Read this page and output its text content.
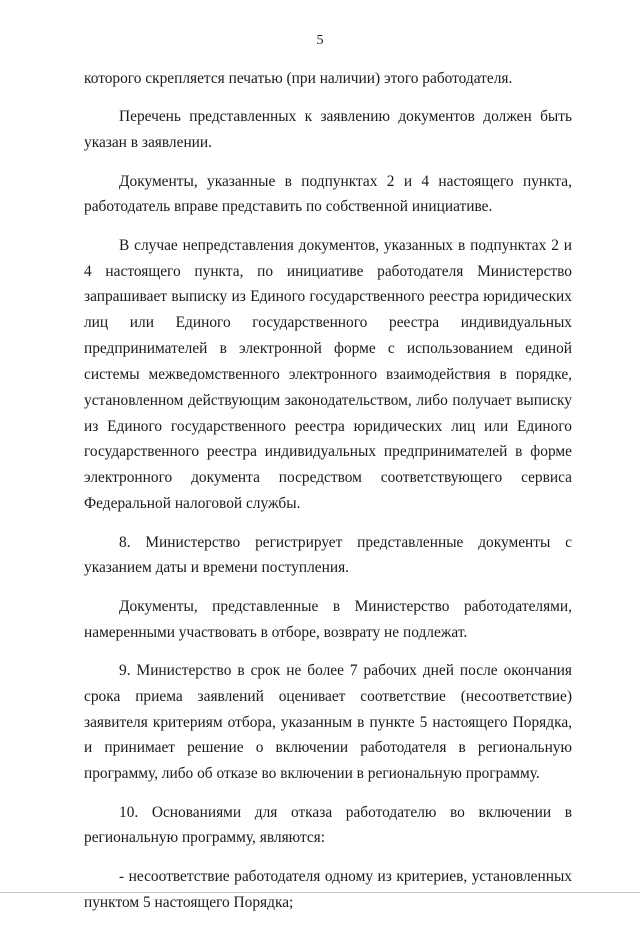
5

которого скрепляется печатью (при наличии) этого работодателя.

Перечень представленных к заявлению документов должен быть указан в заявлении.

Документы, указанные в подпунктах 2 и 4 настоящего пункта, работодатель вправе представить по собственной инициативе.

В случае непредставления документов, указанных в подпунктах 2 и 4 настоящего пункта, по инициативе работодателя Министерство запрашивает выписку из Единого государственного реестра юридических лиц или Единого государственного реестра индивидуальных предпринимателей в электронной форме с использованием единой системы межведомственного электронного взаимодействия в порядке, установленном действующим законодательством, либо получает выписку из Единого государственного реестра юридических лиц или Единого государственного реестра индивидуальных предпринимателей в форме электронного документа посредством соответствующего сервиса Федеральной налоговой службы.

8. Министерство регистрирует представленные документы с указанием даты и времени поступления.

Документы, представленные в Министерство работодателями, намеренными участвовать в отборе, возврату не подлежат.

9. Министерство в срок не более 7 рабочих дней после окончания срока приема заявлений оценивает соответствие (несоответствие) заявителя критериям отбора, указанным в пункте 5 настоящего Порядка, и принимает решение о включении работодателя в региональную программу, либо об отказе во включении в региональную программу.

10. Основаниями для отказа работодателю во включении в региональную программу, являются:

- несоответствие работодателя одному из критериев, установленных пунктом 5 настоящего Порядка;
